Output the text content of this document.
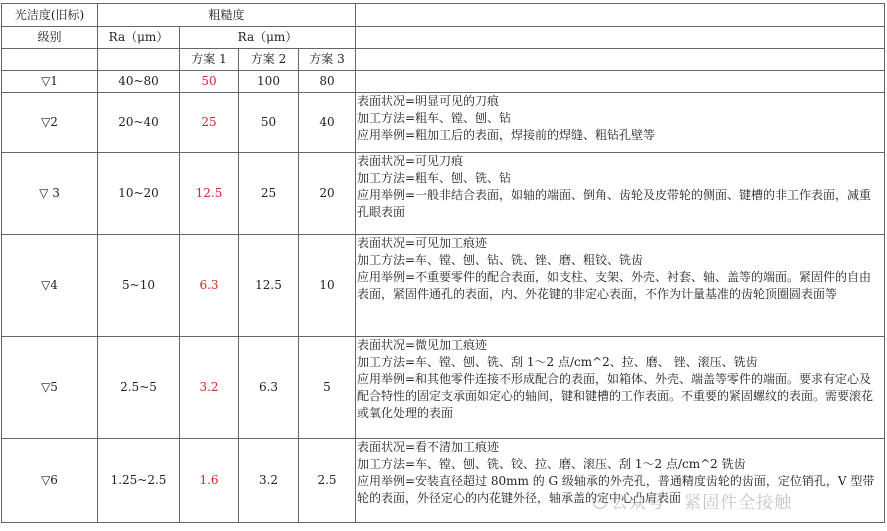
光洁度(旧标)	粗糙度				
级别	Ra（μm）	Ra（μm）			
		方案 1	方案 2	方案 3	
▽1	40~80	50	100	80	
▽2	20~40	25	50	40	表面状况=明显可见的刀痕
加工方法=粗车、镗、刨、钻
应用举例=粗加工后的表面，焊接前的焊缝、粗钻孔壁等

▽ 3	10~20	12.5	25	20	表面状况=可见刀痕
加工方法=粗车、刨、铣、钻
应用举例=一般非结合表面，如轴的端面、倒角、齿轮及皮带轮的侧面、键槽的非工作表面，减重孔眼表面

▽4	5~10	6.3	12.5	10	表面状况=可见加工痕迹
加工方法=车、镗、刨、钻、铣、锉、磨、粗铰、铣齿
应用举例=不重要零件的配合表面，如支柱、支架、外壳、衬套、轴、盖等的端面。紧固件的自由表面，紧固件通孔的表面，内、外花键的非定心表面，不作为计量基准的齿轮顶圈圆表面等

▽5	2.5~5	3.2	6.3	5	表面状况=微见加工痕迹
加工方法=车、镗、刨、铣、刮 1～2 点/cm^2、拉、磨、 锉、滚压、铣齿
应用举例=和其他零件连接不形成配合的表面，如箱体、外壳、端盖等零件的端面。要求有定心及配合特性的固定支承面如定心的轴间，键和键槽的工作表面。不重要的紧固螺纹的表面。需要滚花或氧化处理的表面

▽6	1.25~2.5	1.6	3.2	2.5	表面状况=看不清加工痕迹
加工方法=车、镗、刨、铣、铰、拉、磨、滚压、刮 1～2 点/cm^2 铣齿
应用举例=安装直径超过 80mm 的 G 级轴承的外壳孔，普通精度齿轮的齿面，定位销孔，V 型带轮的表面，外径定心的内花键外径，轴承盖的定中心凸肩表面
公众号 · 紧固件全接触
